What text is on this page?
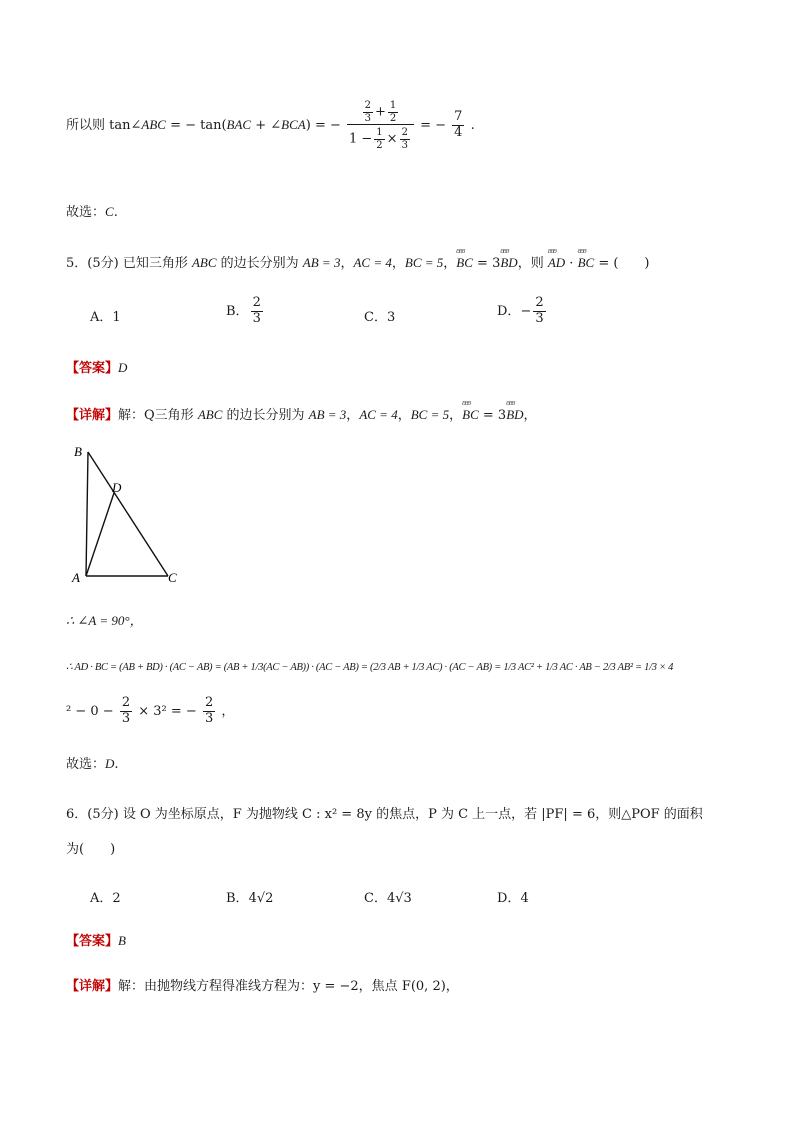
所以则 tan∠ABC = − tan(BAC + ∠BCA) = − $\frac{\frac{2}{3} + \frac{1}{2}}{1 - \frac{1}{2} \times \frac{2}{3}}$ = − $\frac{7}{4}$ .
故选：C.
5．(5分) 已知三角形 ABC 的边长分别为 AB = 3，AC = 4，BC = 5，ʊʊʊ BC = 3ʊʊʊ BD，则 ʊʊʊ AD · ʊʊʊ BC = (　　)
A．1	B． $\frac{2}{3}$	C．3	D．− $\frac{2}{3}$
【答案】D
【详解】解：Q三角形 ABC 的边长分别为 AB = 3，AC = 4，BC = 5，ʊʊʊ BC = 3ʊʊʊ BD，
B
D
A	C
∴ ∠A = 90°，
∴ AD · BC = (AB + BD) · (AC − AB) = (AB + 1/3(AC − AB)) · (AC − AB) = (2/3 AB + 1/3 AC) · (AC − AB) = 1/3 AC² + 1/3 AC · AB − 2/3 AB² = 1/3 × 4
$^2 - 0 - \frac{2}{3} \times 3^2$ = − $\frac{2}{3}$ ，
故选：D.
6．(5分) 设 O 为坐标原点，F 为抛物线 C : x² = 8y 的焦点，P 为 C 上一点，若 |PF| = 6，则△POF 的面积
为(　　)
A．2	B．4√2	C．4√3	D．4
【答案】B
【详解】解：由抛物线方程得准线方程为：y = −2，焦点 F(0, 2)，
